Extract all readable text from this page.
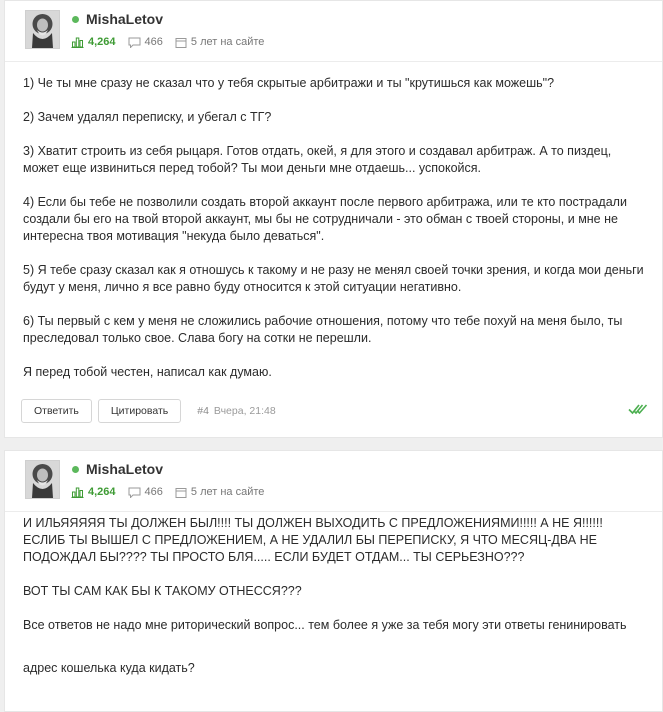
MishaLetov
4,264	466	5 лет на сайте

1) Че ты мне сразу не сказал что у тебя скрытые арбитражи и ты "крутишься как можешь"?

2) Зачем удалял переписку, и убегал с ТГ?

3) Хватит строить из себя рыцаря. Готов отдать, окей, я для этого и создавал арбитраж. А то пиздец, может еще извиниться перед тобой? Ты мои деньги мне отдаешь... успокойся.

4) Если бы тебе не позволили создать второй аккаунт после первого арбитража, или те кто пострадали создали бы его на твой второй аккаунт, мы бы не сотрудничали - это обман с твоей стороны, и мне не интересна твоя мотивация "некуда было деваться".

5) Я тебе сразу сказал как я отношусь к такому и не разу не менял своей точки зрения, и когда мои деньги будут у меня, лично я все равно буду относится к этой ситуации негативно.

6) Ты первый с кем у меня не сложились рабочие отношения, потому что тебе похуй на меня было, ты преследовал только свое. Слава богу на сотки не перешли.

Я перед тобой честен, написал как думаю.

Ответить	Цитировать	#4 Вчера, 21:48
MishaLetov
4,264	466	5 лет на сайте

И ИЛЬЯЯЯЯЯ ТЫ ДОЛЖЕН БЫЛ!!!! ТЫ ДОЛЖЕН ВЫХОДИТЬ С ПРЕДЛОЖЕНИЯМИ!!!!! А НЕ Я!!!!!! ЕСЛИБ ТЫ ВЫШЕЛ С ПРЕДЛОЖЕНИЕМ, А НЕ УДАЛИЛ БЫ ПЕРЕПИСКУ, Я ЧТО МЕСЯЦ-ДВА НЕ ПОДОЖДАЛ БЫ???? ТЫ ПРОСТО БЛЯ..... ЕСЛИ БУДЕТ ОТДАМ... ТЫ СЕРЬЕЗНО???

ВОТ ТЫ САМ КАК БЫ К ТАКОМУ ОТНЕССЯ???

Все ответов не надо мне риторический вопрос... тем более я уже за тебя могу эти ответы генинировать

адрес кошелька куда кидать?
